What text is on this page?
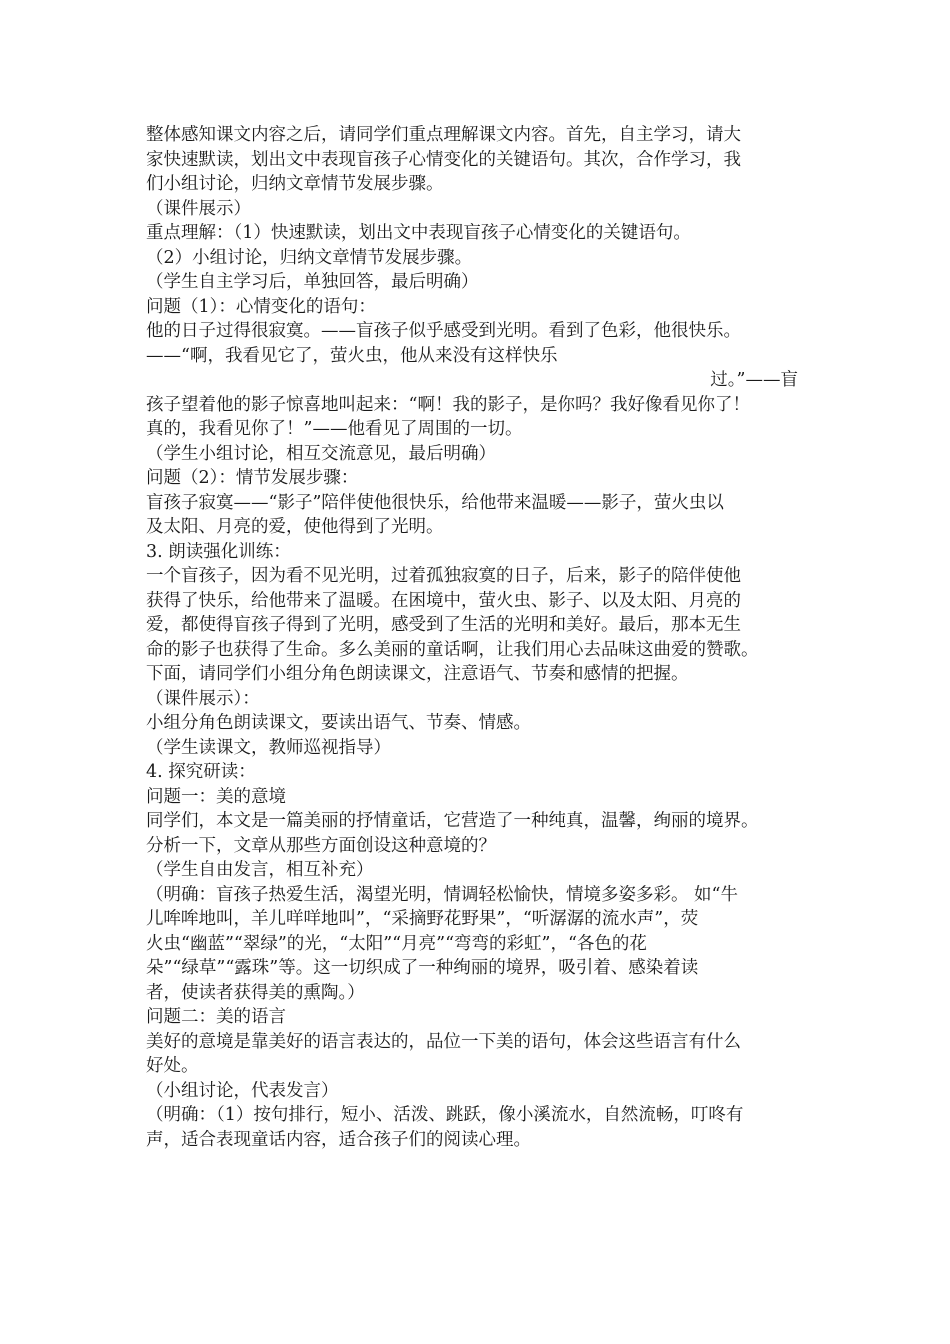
整体感知课文内容之后，请同学们重点理解课文内容。首先，自主学习，请大

家快速默读，划出文中表现盲孩子心情变化的关键语句。其次，合作学习，我

们小组讨论，归纳文章情节发展步骤。

（课件展示）

重点理解：（1）快速默读，划出文中表现盲孩子心情变化的关键语句。

（2）小组讨论，归纳文章情节发展步骤。

（学生自主学习后，单独回答，最后明确）

问题（1）：心情变化的语句：

他的日子过得很寂寞。——盲孩子似乎感受到光明。看到了色彩，他很快乐。

——“啊，我看见它了，萤火虫，他从来没有这样快乐

过。”——盲

孩子望着他的影子惊喜地叫起来：“啊！我的影子，是你吗？我好像看见你了！

真的，我看见你了！”——他看见了周围的一切。

（学生小组讨论，相互交流意见，最后明确）

问题（2）：情节发展步骤：

盲孩子寂寞——“影子”陪伴使他很快乐，给他带来温暖——影子，萤火虫以

及太阳、月亮的爱，使他得到了光明。

3. 朗读强化训练：

一个盲孩子，因为看不见光明，过着孤独寂寞的日子，后来，影子的陪伴使他

获得了快乐，给他带来了温暖。在困境中，萤火虫、影子、以及太阳、月亮的

爱，都使得盲孩子得到了光明，感受到了生活的光明和美好。最后，那本无生

命的影子也获得了生命。多么美丽的童话啊，让我们用心去品味这曲爱的赞歌。

下面，请同学们小组分角色朗读课文，注意语气、节奏和感情的把握。

（课件展示）：

小组分角色朗读课文，要读出语气、节奏、情感。

（学生读课文，教师巡视指导）

4. 探究研读：

问题一：美的意境

同学们，本文是一篇美丽的抒情童话，它营造了一种纯真，温馨，绚丽的境界。

分析一下，文章从那些方面创设这种意境的？

（学生自由发言，相互补充）

（明确：盲孩子热爱生活，渴望光明，情调轻松愉快，情境多姿多彩。 如“牛

儿哞哞地叫，羊儿咩咩地叫”，“采摘野花野果”，“听潺潺的流水声”，荧

火虫“幽蓝”“翠绿”的光，“太阳”“月亮”“弯弯的彩虹”，“各色的花

朵”“绿草”“露珠”等。这一切织成了一种绚丽的境界，吸引着、感染着读

者，使读者获得美的熏陶。）

问题二：美的语言

美好的意境是靠美好的语言表达的，品位一下美的语句，体会这些语言有什么

好处。

（小组讨论，代表发言）

（明确：（1）按句排行，短小、活泼、跳跃，像小溪流水，自然流畅，叮咚有

声，适合表现童话内容，适合孩子们的阅读心理。
